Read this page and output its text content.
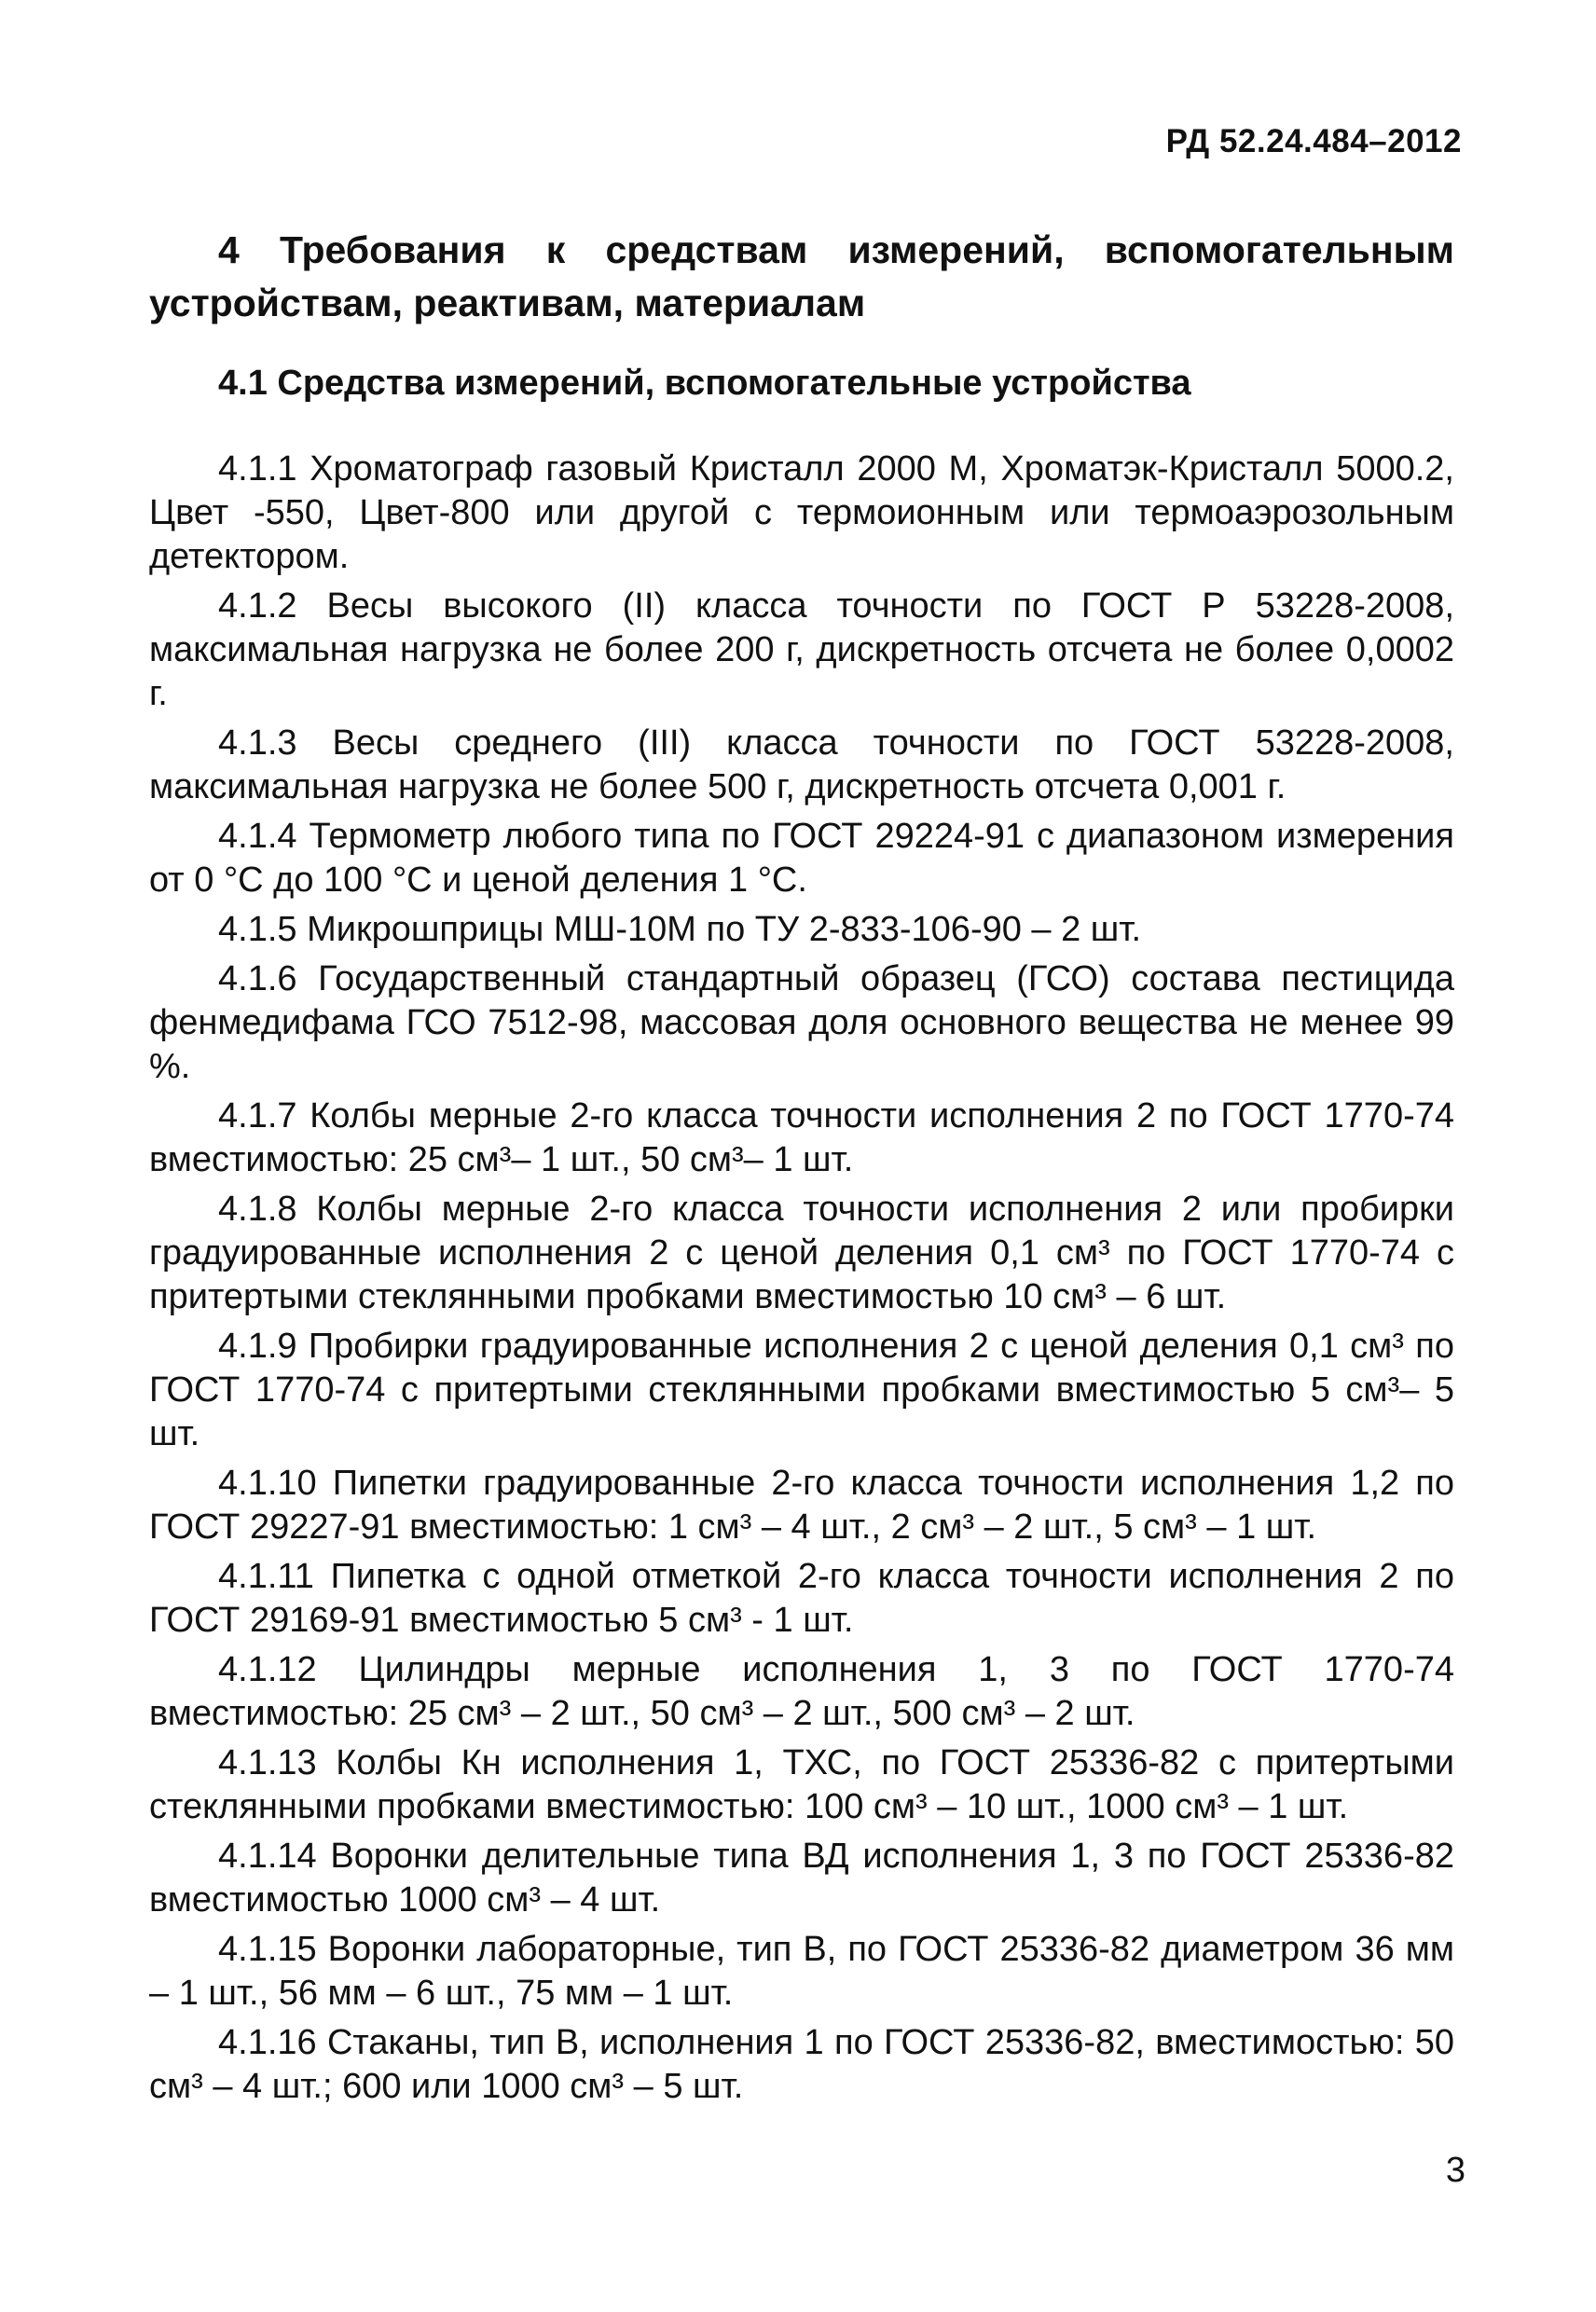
РД 52.24.484–2012
4 Требования к средствам измерений, вспомогательным устройствам, реактивам, материалам
4.1 Средства измерений, вспомогательные устройства

4.1.1 Хроматограф газовый Кристалл 2000 М, Хроматэк-Кристалл 5000.2, Цвет -550, Цвет-800 или другой с термоионным или термоаэрозольным детектором.

4.1.2 Весы высокого (II) класса точности по ГОСТ Р 53228-2008, максимальная нагрузка не более 200 г, дискретность отсчета не более 0,0002 г.

4.1.3 Весы среднего (III) класса точности по ГОСТ 53228-2008, максимальная нагрузка не более 500 г, дискретность отсчета 0,001 г.

4.1.4 Термометр любого типа по ГОСТ 29224-91 с диапазоном измерения от 0 °С до 100 °С и ценой деления 1 °С.

4.1.5 Микрошприцы МШ-10М по ТУ 2-833-106-90 – 2 шт.

4.1.6 Государственный стандартный образец (ГСО) состава пестицида фенмедифама ГСО 7512-98, массовая доля основного вещества не менее 99 %.

4.1.7 Колбы мерные 2-го класса точности исполнения 2 по ГОСТ 1770-74 вместимостью: 25 см³– 1 шт., 50 см³– 1 шт.

4.1.8 Колбы мерные 2-го класса точности исполнения 2 или пробирки градуированные исполнения 2 с ценой деления 0,1 см³ по ГОСТ 1770-74 с притертыми стеклянными пробками вместимостью 10 см³ – 6 шт.

4.1.9 Пробирки градуированные исполнения 2 с ценой деления 0,1 см³ по ГОСТ 1770-74 с притертыми стеклянными пробками вместимостью 5 см³– 5 шт.

4.1.10 Пипетки градуированные 2-го класса точности исполнения 1,2 по ГОСТ 29227-91 вместимостью: 1 см³ – 4 шт., 2 см³ – 2 шт., 5 см³ – 1 шт.

4.1.11 Пипетка с одной отметкой 2-го класса точности исполнения 2 по ГОСТ 29169-91 вместимостью 5 см³ - 1 шт.

4.1.12 Цилиндры мерные исполнения 1, 3 по ГОСТ 1770-74 вместимостью: 25 см³ – 2 шт., 50 см³ – 2 шт., 500 см³ – 2 шт.

4.1.13 Колбы Кн исполнения 1, ТХС, по ГОСТ 25336-82 с притертыми стеклянными пробками вместимостью: 100 см³ – 10 шт., 1000 см³ – 1 шт.

4.1.14 Воронки делительные типа ВД исполнения 1, 3 по ГОСТ 25336-82 вместимостью 1000 см³ – 4 шт.

4.1.15 Воронки лабораторные, тип В, по ГОСТ 25336-82 диаметром 36 мм – 1 шт., 56 мм – 6 шт., 75 мм – 1 шт.

4.1.16 Стаканы, тип В, исполнения 1 по ГОСТ 25336-82, вместимостью: 50 см³ – 4 шт.; 600 или 1000 см³ – 5 шт.

3
